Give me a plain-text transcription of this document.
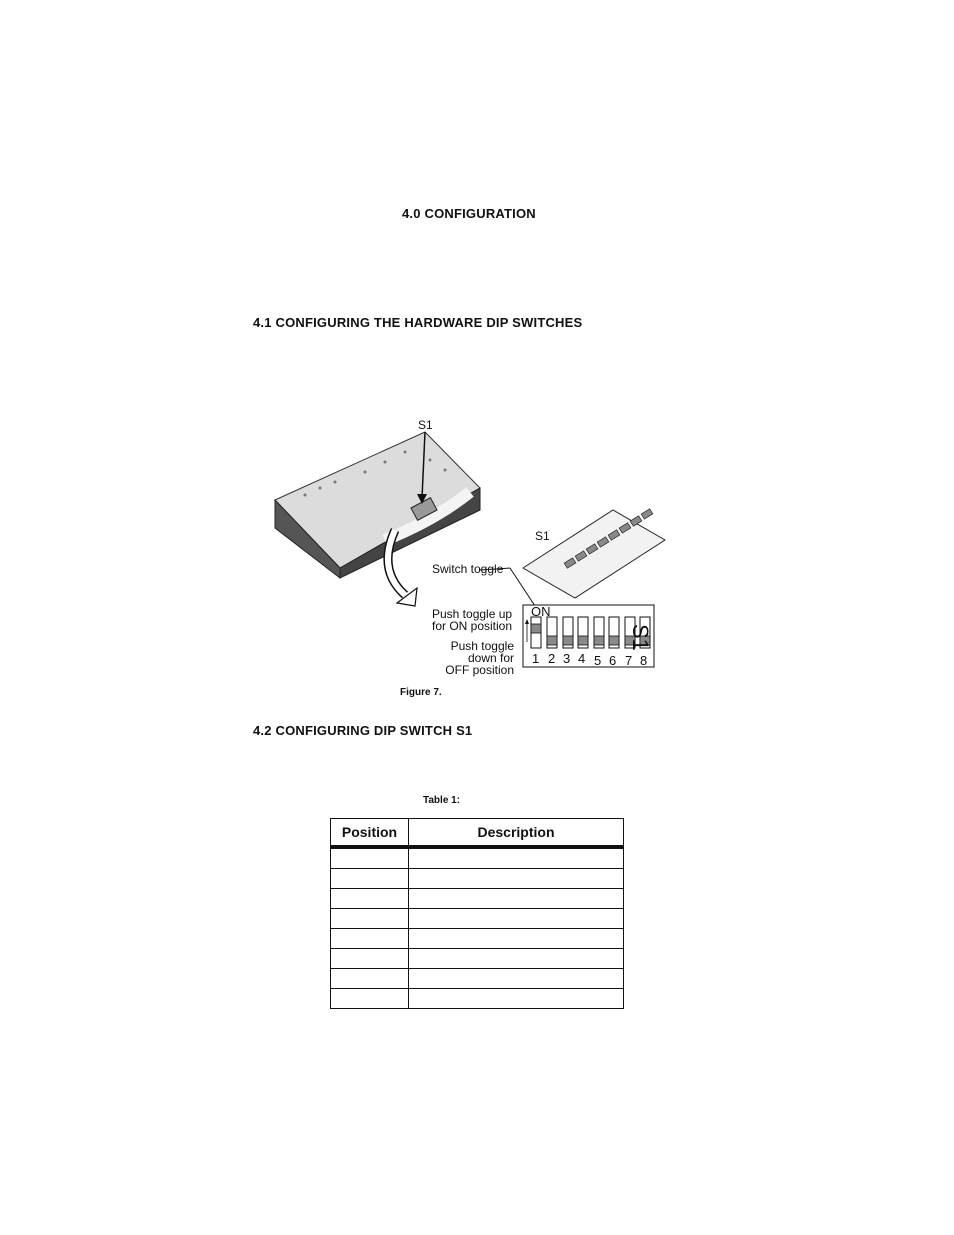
4.0 CONFIGURATION
4.1 CONFIGURING THE HARDWARE DIP SWITCHES
S1
S1
Switch toggle
Push toggle up
for ON position
Push toggle
down for
OFF position
ON
S1
1 2 3 4 5 6 7 8
Figure 7.
4.2 CONFIGURING DIP SWITCH S1
Table 1:
Position	Description
